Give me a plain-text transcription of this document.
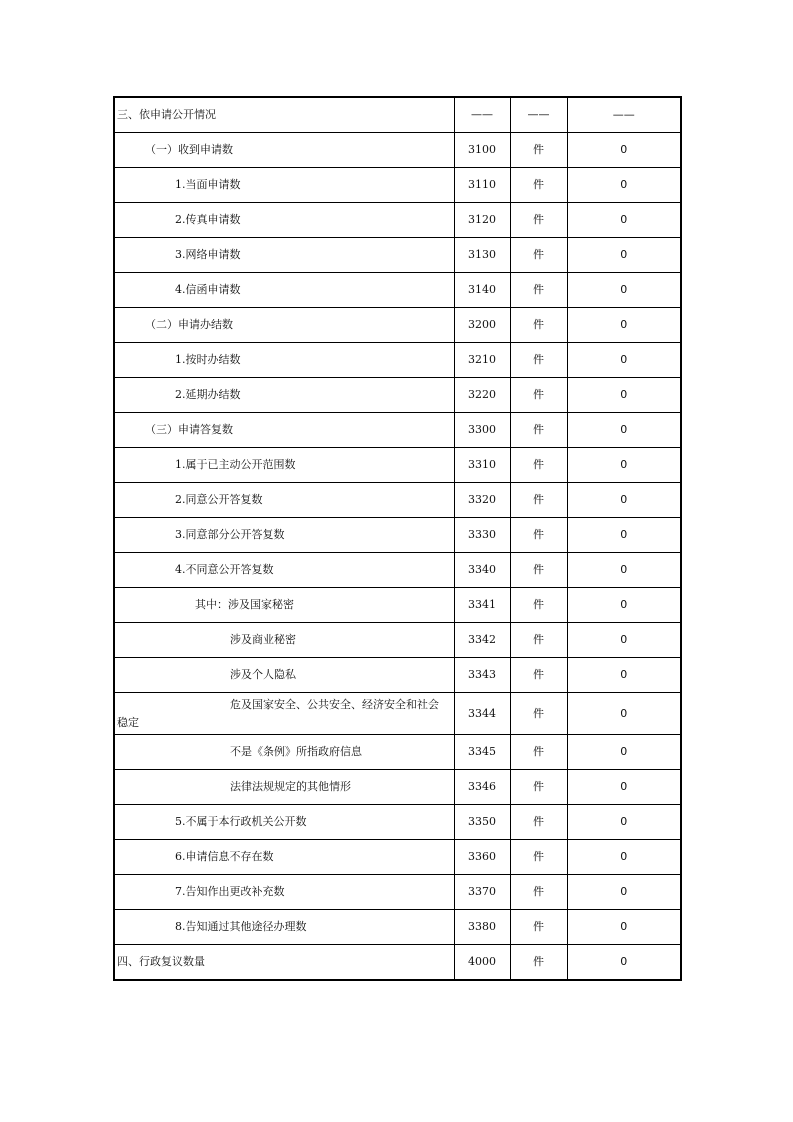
三、依申请公开情况	——	——	——
（一）收到申请数	3100	件	0
1.当面申请数	3110	件	0
2.传真申请数	3120	件	0
3.网络申请数	3130	件	0
4.信函申请数	3140	件	0
（二）申请办结数	3200	件	0
1.按时办结数	3210	件	0
2.延期办结数	3220	件	0
（三）申请答复数	3300	件	0
1.属于已主动公开范围数	3310	件	0
2.同意公开答复数	3320	件	0
3.同意部分公开答复数	3330	件	0
4.不同意公开答复数	3340	件	0
其中：涉及国家秘密	3341	件	0
涉及商业秘密	3342	件	0
涉及个人隐私	3343	件	0

危及国家安全、公共安全、经济安全和社会
稳定	3344	件	0
不是《条例》所指政府信息	3345	件	0
法律法规规定的其他情形	3346	件	0
5.不属于本行政机关公开数	3350	件	0
6.申请信息不存在数	3360	件	0
7.告知作出更改补充数	3370	件	0
8.告知通过其他途径办理数	3380	件	0
四、行政复议数量	4000	件	0
